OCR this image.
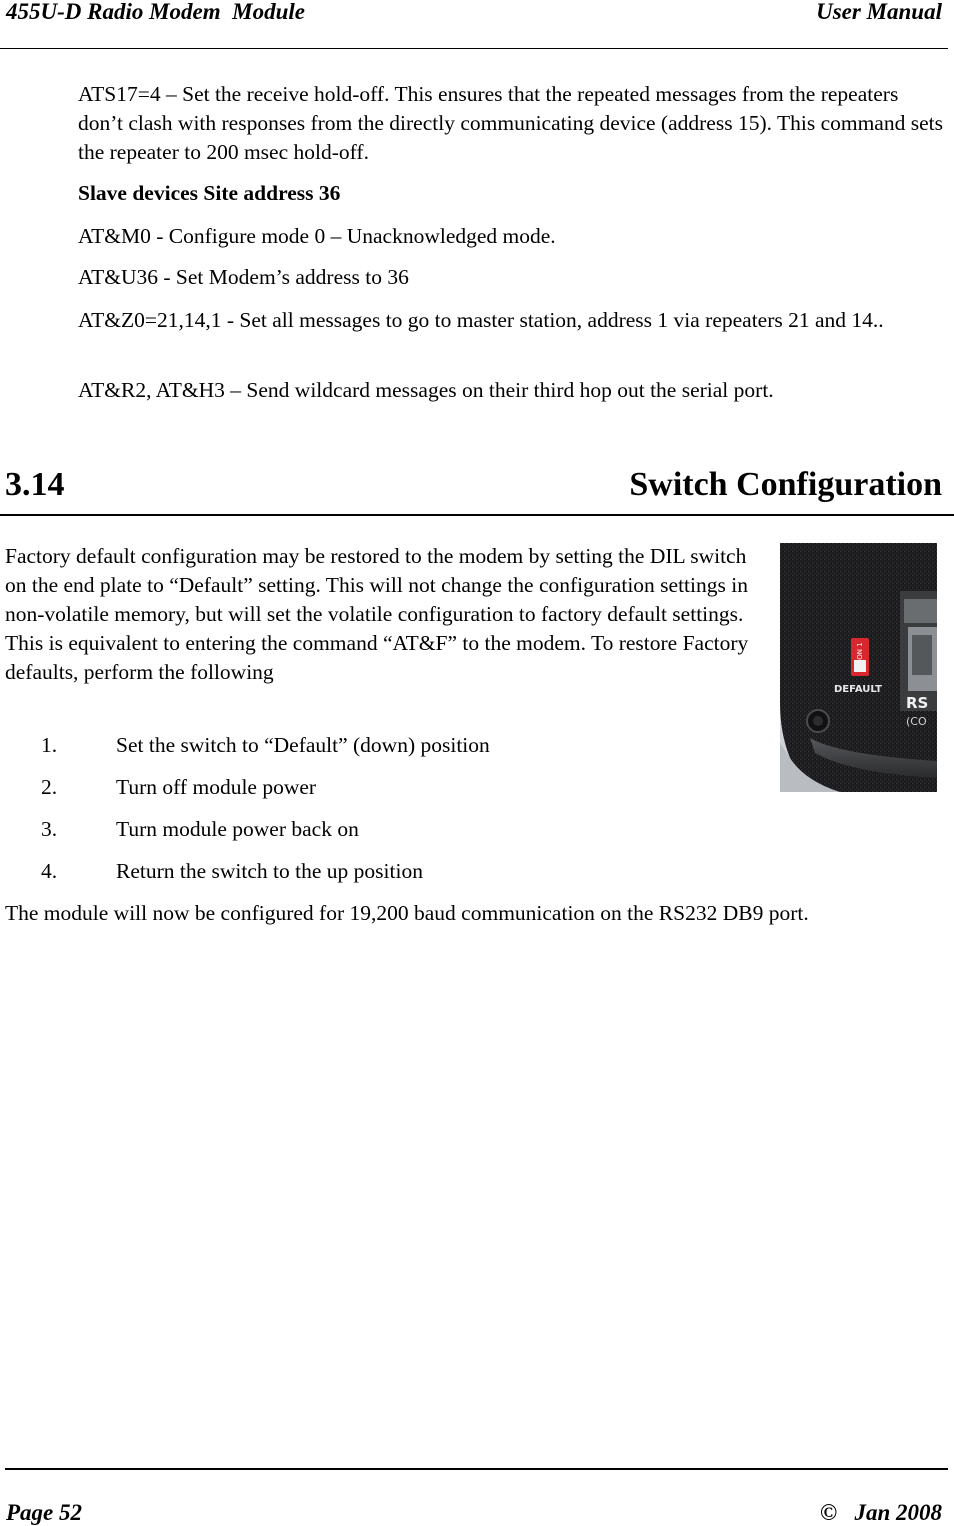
455U-D Radio Modem  Module	User Manual

ATS17=4 – Set the receive hold-off. This ensures that the repeated messages from the repeaters don’t clash with responses from the directly communicating device (address 15). This command sets the repeater to 200 msec hold-off.

Slave devices Site address 36

AT&M0 - Configure mode 0 – Unacknowledged mode.

AT&U36 - Set Modem’s address to 36

AT&Z0=21,14,1 - Set all messages to go to master station, address 1 via repeaters 21 and 14..

AT&R2, AT&H3 – Send wildcard messages on their third hop out the serial port.

3.14	Switch Configuration

Factory default configuration may be restored to the modem by setting the DIL switch on the end plate to “Default” setting. This will not change the configuration settings in non-volatile memory, but will set the volatile configuration to factory default settings. This is equivalent to entering the command “AT&F” to the modem. To restore Factory defaults, perform the following

1.	Set the switch to “Default” (down) position
2.	Turn off module power
3.	Turn module power back on
4.	Return the switch to the up position

The module will now be configured for 19,200 baud communication on the RS232 DB9 port.

ON 1
DEFAULT
RS
(CO
Page 52	©   Jan 2008
